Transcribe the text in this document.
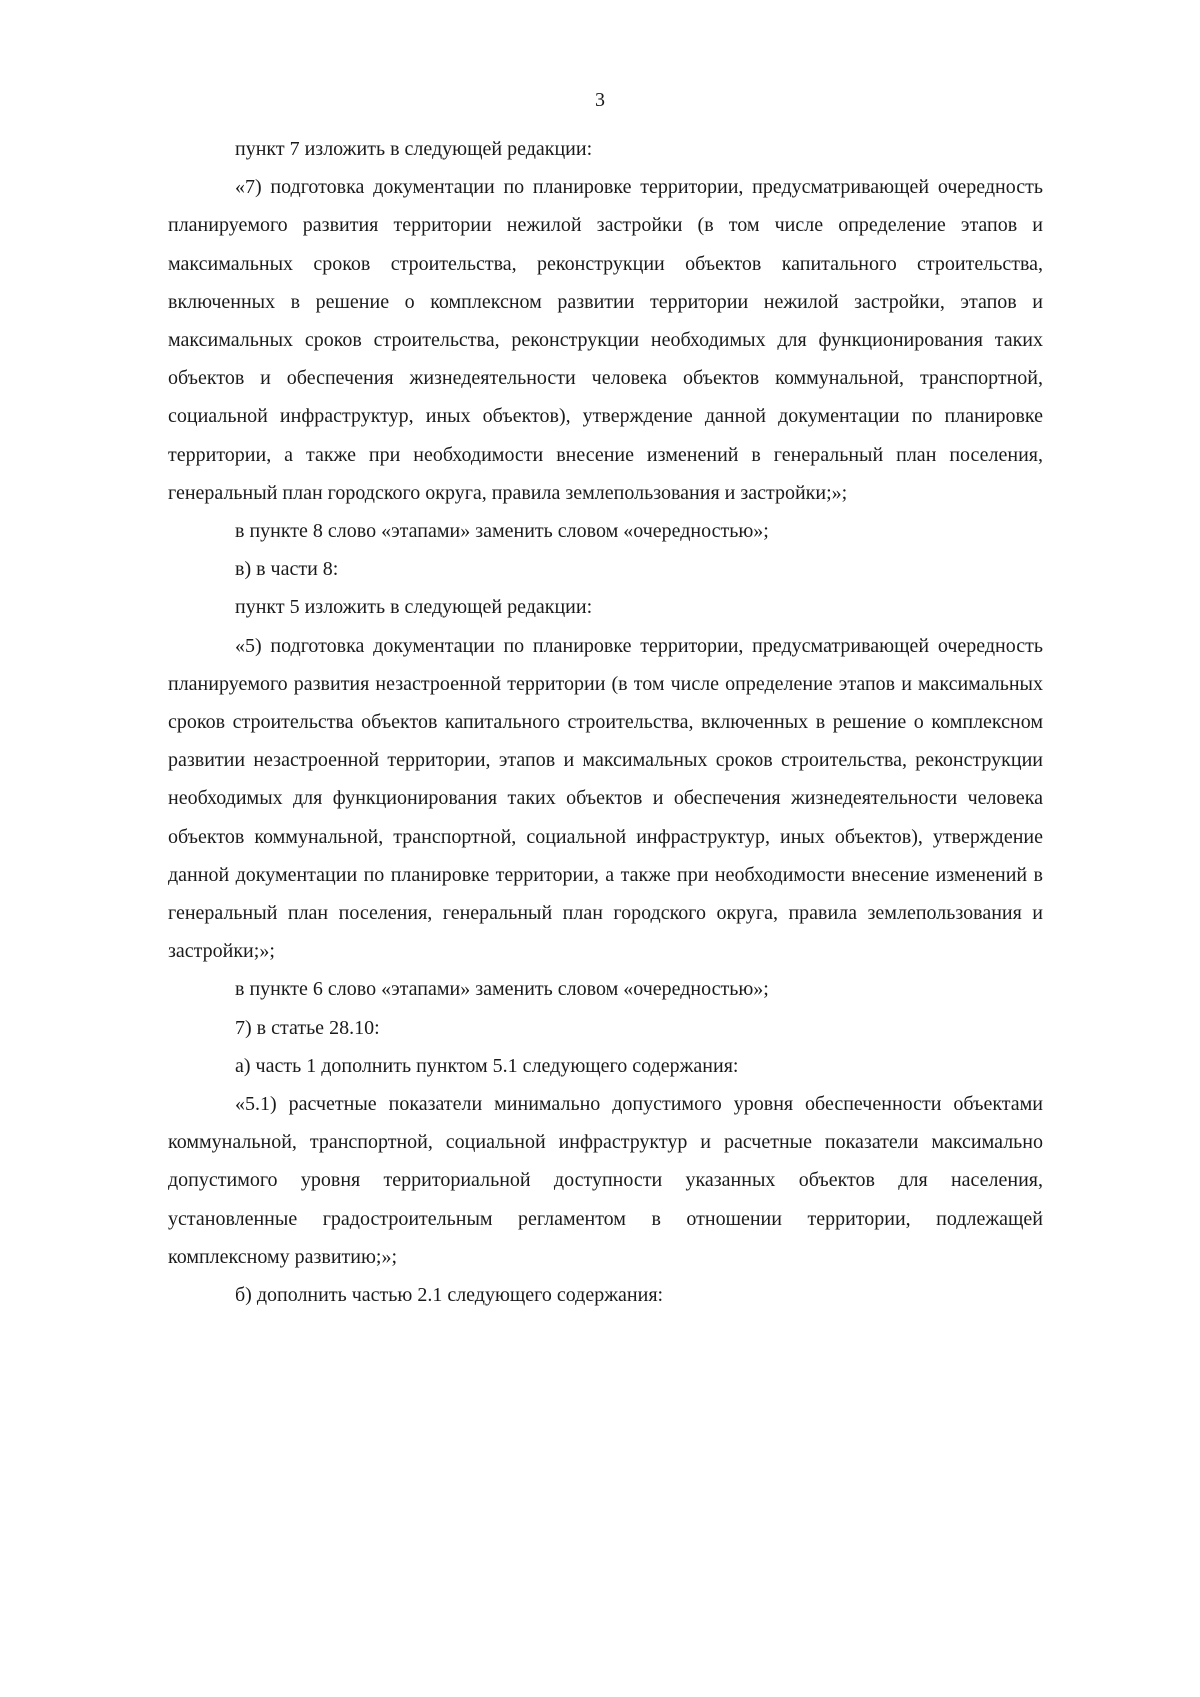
3

пункт 7 изложить в следующей редакции:

«7) подготовка документации по планировке территории, предусматривающей очередность планируемого развития территории нежилой застройки (в том числе определение этапов и максимальных сроков строительства, реконструкции объектов капитального строительства, включенных в решение о комплексном развитии территории нежилой застройки, этапов и максимальных сроков строительства, реконструкции необходимых для функционирования таких объектов и обеспечения жизнедеятельности человека объектов коммунальной, транспортной, социальной инфраструктур, иных объектов), утверждение данной документации по планировке территории, а также при необходимости внесение изменений в генеральный план поселения, генеральный план городского округа, правила землепользования и застройки;»;

в пункте 8 слово «этапами» заменить словом «очередностью»;

в) в части 8:

пункт 5 изложить в следующей редакции:

«5) подготовка документации по планировке территории, предусматривающей очередность планируемого развития незастроенной территории (в том числе определение этапов и максимальных сроков строительства объектов капитального строительства, включенных в решение о комплексном развитии незастроенной территории, этапов и максимальных сроков строительства, реконструкции необходимых для функционирования таких объектов и обеспечения жизнедеятельности человека объектов коммунальной, транспортной, социальной инфраструктур, иных объектов), утверждение данной документации по планировке территории, а также при необходимости внесение изменений в генеральный план поселения, генеральный план городского округа, правила землепользования и застройки;»;

в пункте 6 слово «этапами» заменить словом «очередностью»;

7) в статье 28.10:

а) часть 1 дополнить пунктом 5.1 следующего содержания:

«5.1) расчетные показатели минимально допустимого уровня обеспеченности объектами коммунальной, транспортной, социальной инфраструктур и расчетные показатели максимально допустимого уровня территориальной доступности указанных объектов для населения, установленные градостроительным регламентом в отношении территории, подлежащей комплексному развитию;»;

б) дополнить частью 2.1 следующего содержания:
